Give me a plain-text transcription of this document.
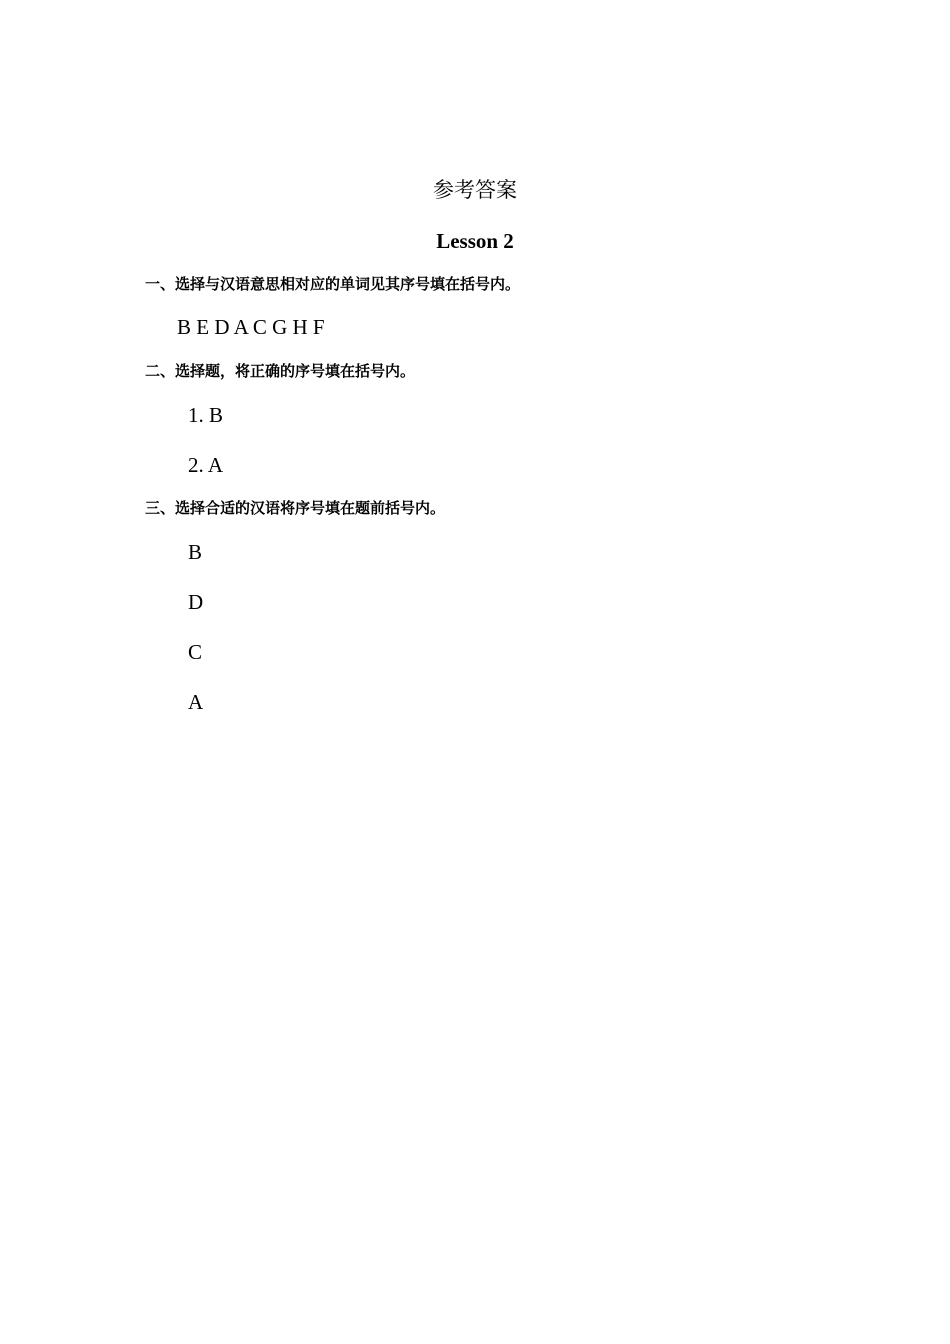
参考答案
Lesson 2
一、选择与汉语意思相对应的单词见其序号填在括号内。
B E D A C G H F
二、选择题，将正确的序号填在括号内。
1. B
2. A
三、选择合适的汉语将序号填在题前括号内。
B
D
C
A
